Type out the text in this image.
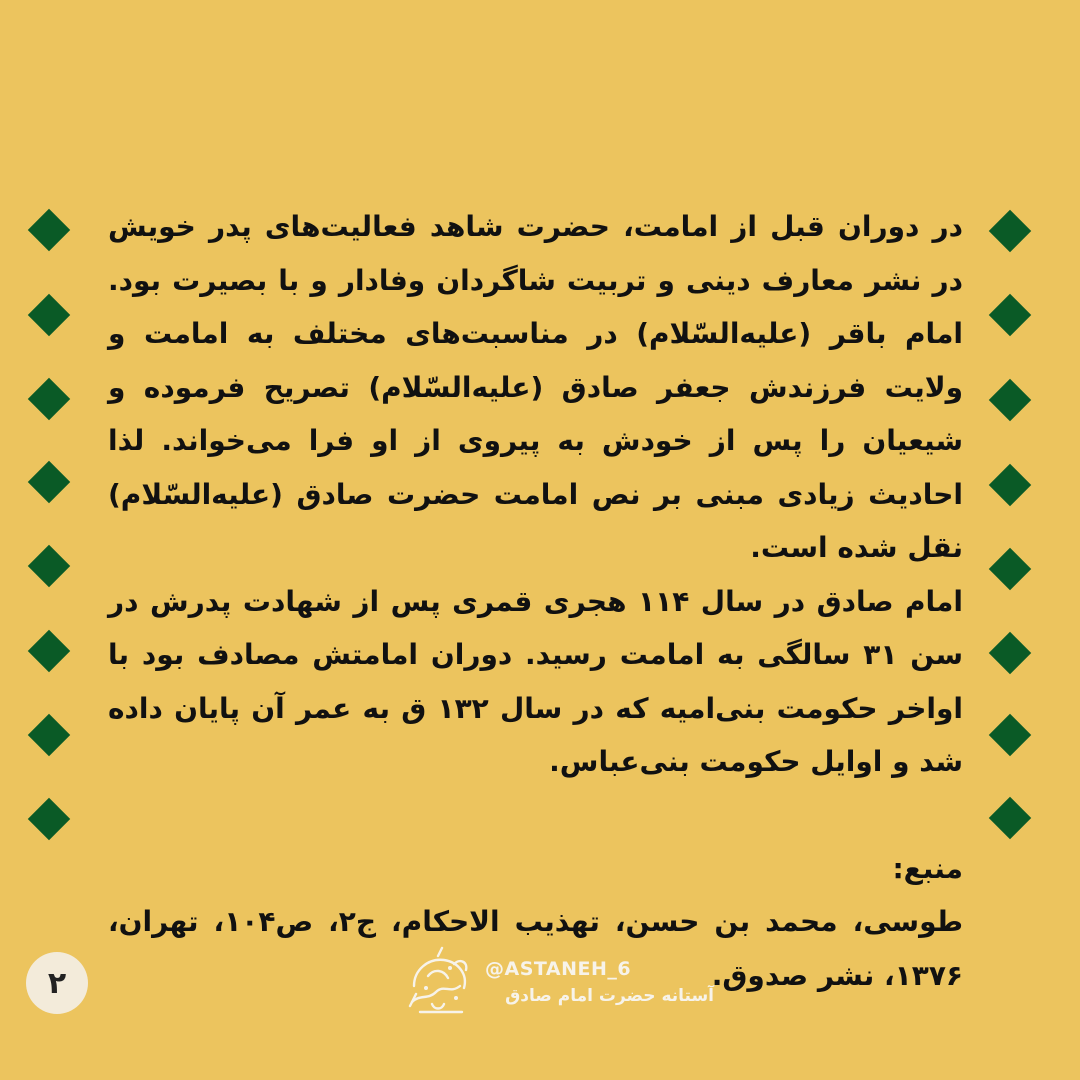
در دوران قبل از امامت، حضرت شاهد فعالیت‌های پدر خویش در نشر معارف دینی و تربیت شاگردان وفادار و با بصیرت بود. امام باقر (علیه‌السّلام) در مناسبت‌های مختلف به امامت و ولایت فرزندش جعفر صادق (علیه‌السّلام) تصریح فرموده و شیعیان را پس از خودش به پیروی از او فرا می‌خواند. لذا احادیث زیادی مبنی بر نص امامت حضرت صادق (علیه‌السّلام) نقل شده است.

امام صادق در سال ۱۱۴ هجری قمری پس از شهادت پدرش در سن ۳۱ سالگی به امامت رسید. دوران امامتش مصادف بود با اواخر حکومت بنی‌امیه که در سال ۱۳۲ ق به عمر آن پایان داده شد و اوایل حکومت بنی‌عباس.

منبع:

طوسی، محمد بن حسن، تهذیب الاحکام، ج۲، ص۱۰۴، تهران، ۱۳۷۶، نشر صدوق.

۲	@ASTANEH_6
آستانه حضرت امام صادق
